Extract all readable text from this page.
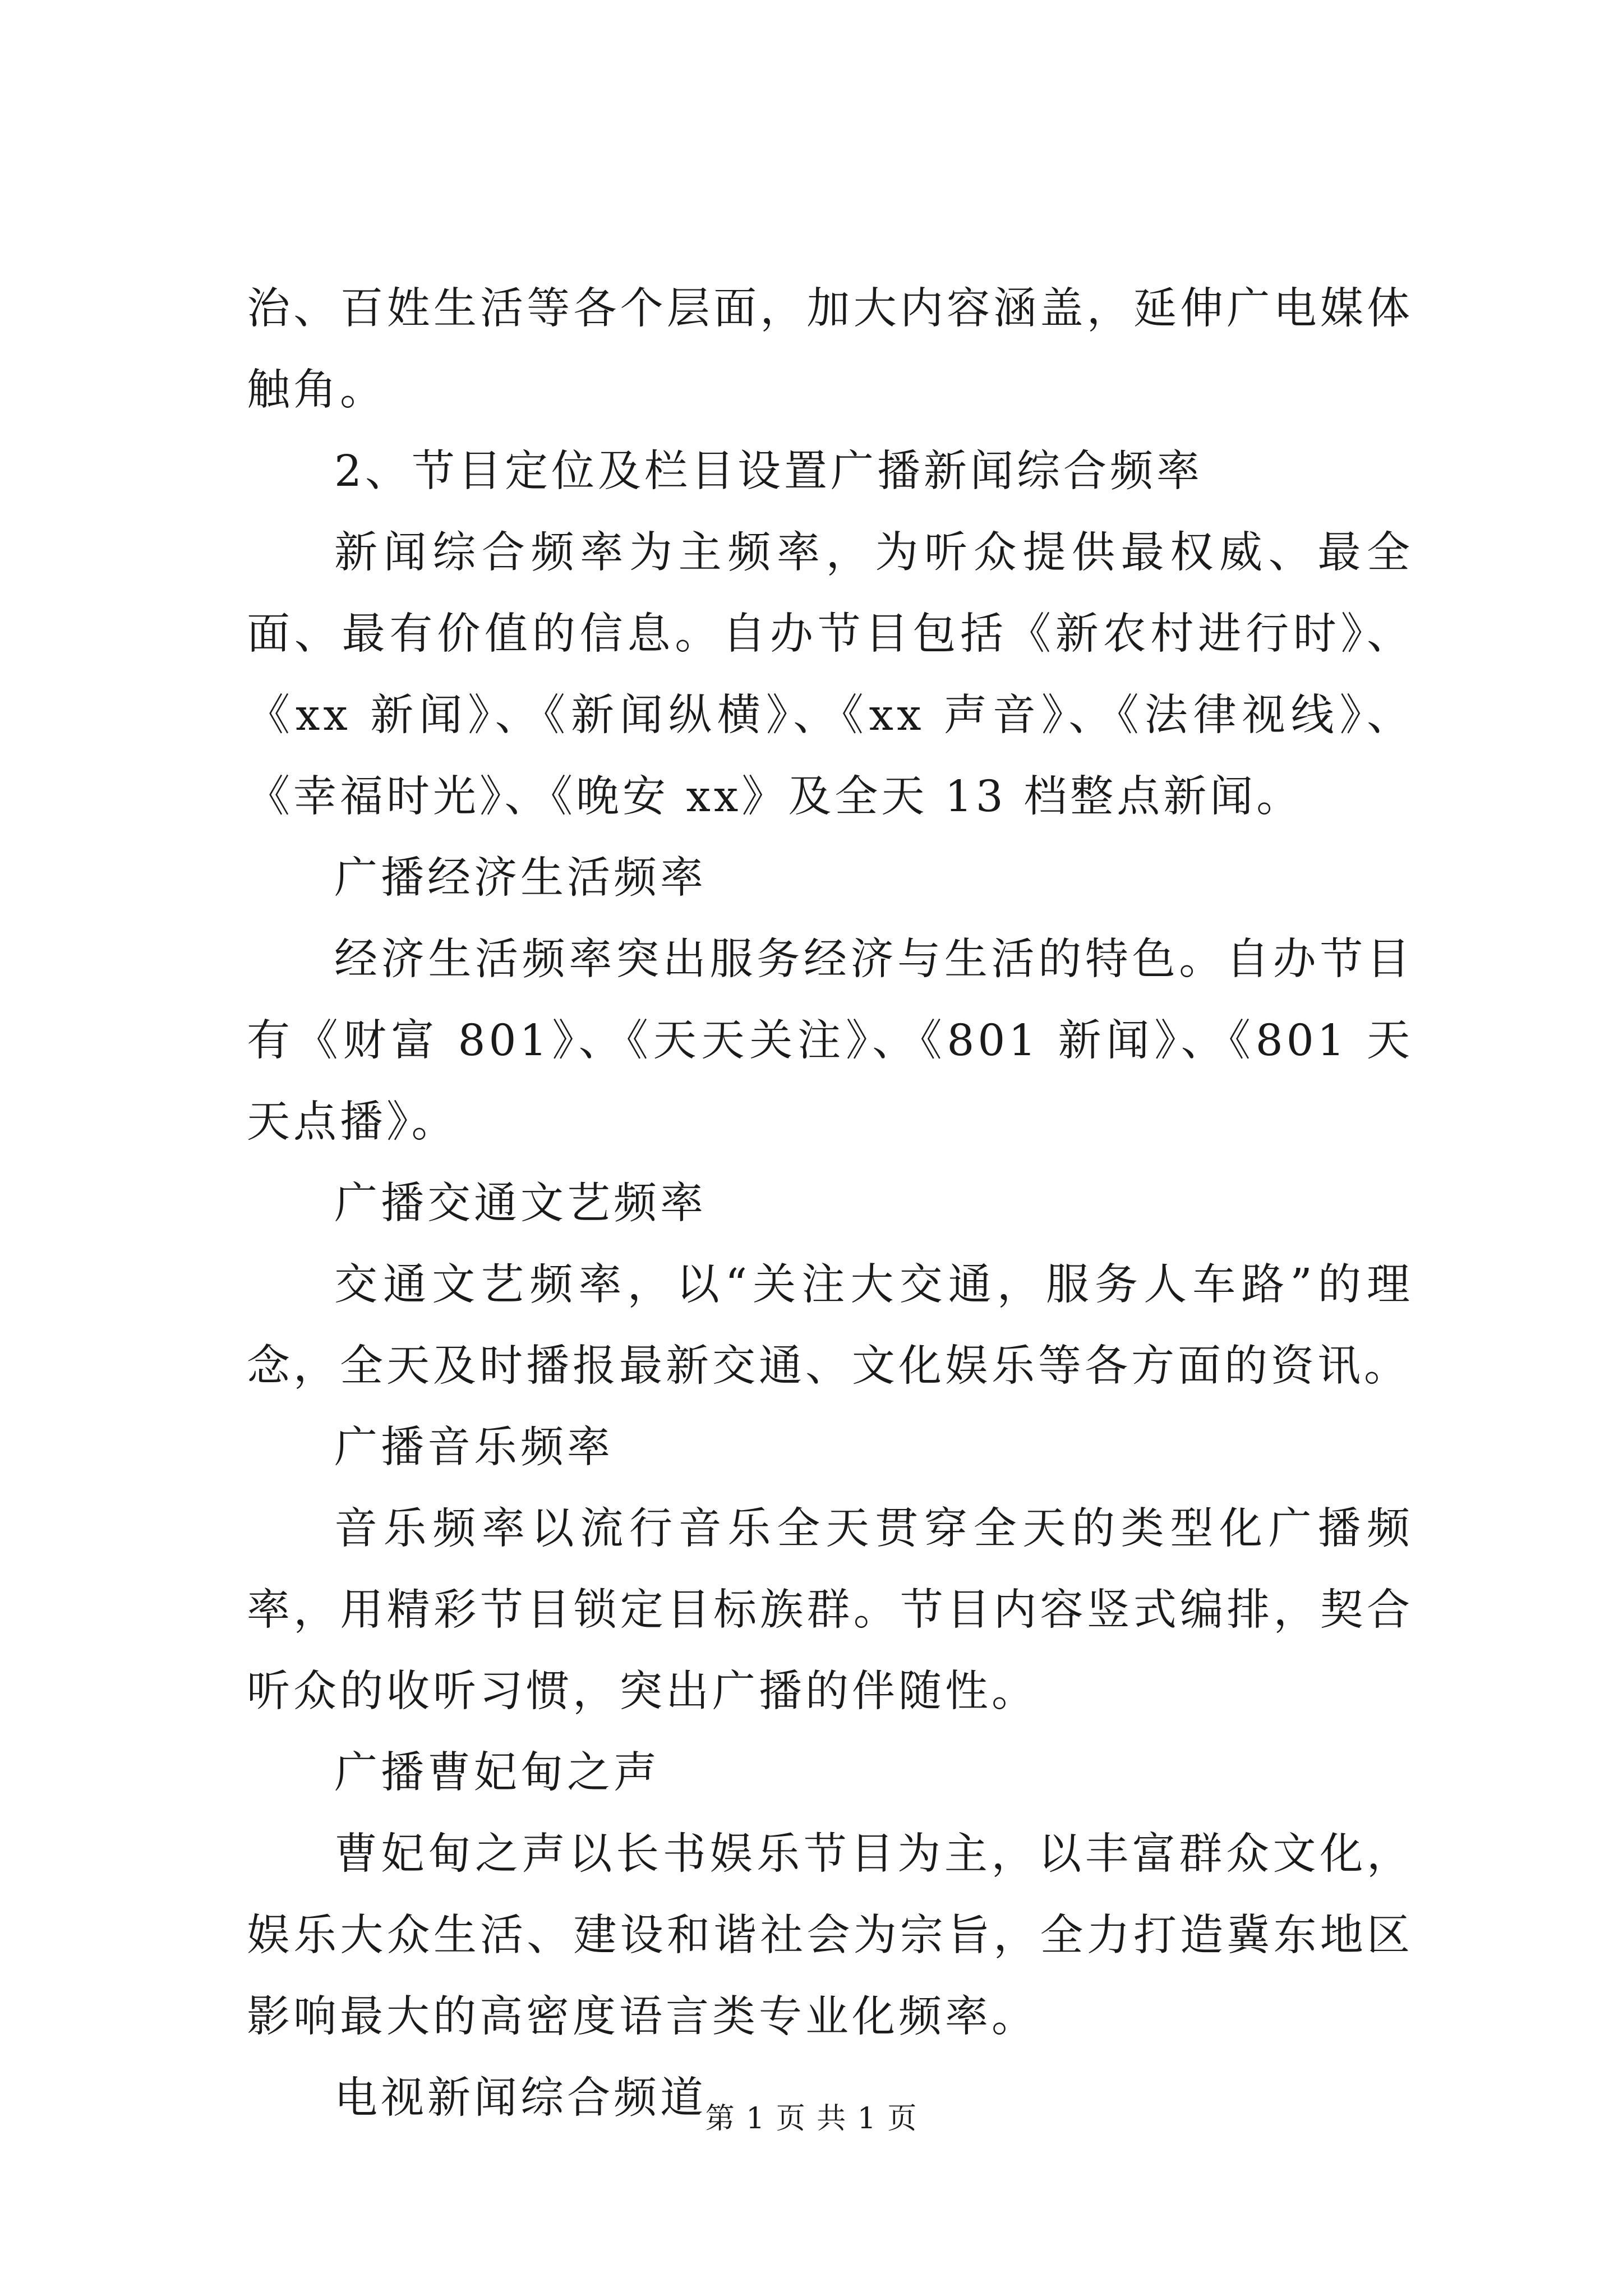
治、百姓生活等各个层面，加大内容涵盖，延伸广电媒体触角。

2、节目定位及栏目设置广播新闻综合频率

新闻综合频率为主频率，为听众提供最权威、最全面、最有价值的信息。自办节目包括《新农村进行时》、《xx 新闻》、《新闻纵横》、《xx 声音》、《法律视线》、《幸福时光》、《晚安 xx》及全天 13 档整点新闻。

广播经济生活频率

经济生活频率突出服务经济与生活的特色。自办节目有《财富 801》、《天天关注》、《801 新闻》、《801 天天点播》。

广播交通文艺频率

交通文艺频率，以“关注大交通，服务人车路”的理念，全天及时播报最新交通、文化娱乐等各方面的资讯。

广播音乐频率

音乐频率以流行音乐全天贯穿全天的类型化广播频率，用精彩节目锁定目标族群。节目内容竖式编排，契合听众的收听习惯，突出广播的伴随性。

广播曹妃甸之声

曹妃甸之声以长书娱乐节目为主，以丰富群众文化，娱乐大众生活、建设和谐社会为宗旨，全力打造冀东地区影响最大的高密度语言类专业化频率。

电视新闻综合频道

第 1 页 共 1 页
